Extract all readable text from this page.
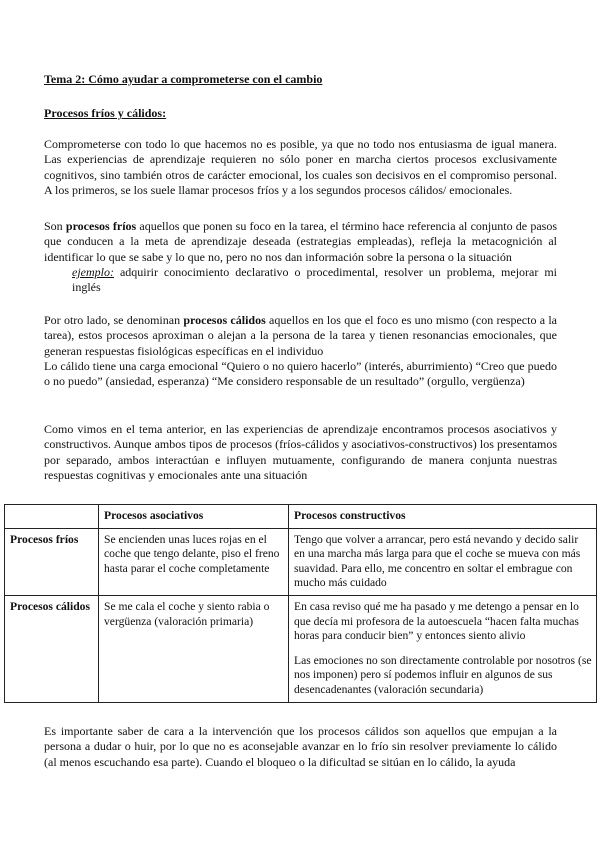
Tema 2: Cómo ayudar a comprometerse con el cambio
Procesos fríos y cálidos:
Comprometerse con todo lo que hacemos no es posible, ya que no todo nos entusiasma de igual manera. Las experiencias de aprendizaje requieren no sólo poner en marcha ciertos procesos exclusivamente cognitivos, sino también otros de carácter emocional, los cuales son decisivos en el compromiso personal. A los primeros, se los suele llamar procesos fríos y a los segundos procesos cálidos/ emocionales.
Son procesos fríos aquellos que ponen su foco en la tarea, el término hace referencia al conjunto de pasos que conducen a la meta de aprendizaje deseada (estrategias empleadas), refleja la metacognición al identificar lo que se sabe y lo que no, pero no nos dan información sobre la persona o la situación
ejemplo: adquirir conocimiento declarativo o procedimental, resolver un problema, mejorar mi inglés
Por otro lado, se denominan procesos cálidos aquellos en los que el foco es uno mismo (con respecto a la tarea), estos procesos aproximan o alejan a la persona de la tarea y tienen resonancias emocionales, que generan respuestas fisiológicas específicas en el individuo
Lo cálido tiene una carga emocional “Quiero o no quiero hacerlo” (interés, aburrimiento) “Creo que puedo o no puedo” (ansiedad, esperanza) “Me considero responsable de un resultado” (orgullo, vergüenza)
Como vimos en el tema anterior, en las experiencias de aprendizaje encontramos procesos asociativos y constructivos. Aunque ambos tipos de procesos (fríos-cálidos y asociativos-constructivos) los presentamos por separado, ambos interactúan e influyen mutuamente, configurando de manera conjunta nuestras respuestas cognitivas y emocionales ante una situación
	Procesos asociativos	Procesos constructivos
Procesos fríos	Se encienden unas luces rojas en el coche que tengo delante, piso el freno hasta parar el coche completamente	Tengo que volver a arrancar, pero está nevando y decido salir en una marcha más larga para que el coche se mueva con más suavidad. Para ello, me concentro en soltar el embrague con mucho más cuidado
Procesos cálidos	Se me cala el coche y siento rabia o vergüenza (valoración primaria)	En casa reviso qué me ha pasado y me detengo a pensar en lo que decía mi profesora de la autoescuela “hacen falta muchas horas para conducir bien” y entonces siento alivio
Las emociones no son directamente controlable por nosotros (se nos imponen) pero sí podemos influir en algunos de sus desencadenantes (valoración secundaria)
Es importante saber de cara a la intervención que los procesos cálidos son aquellos que empujan a la persona a dudar o huir, por lo que no es aconsejable avanzar en lo frío sin resolver previamente lo cálido (al menos escuchando esa parte). Cuando el bloqueo o la dificultad se sitúan en lo cálido, la ayuda
